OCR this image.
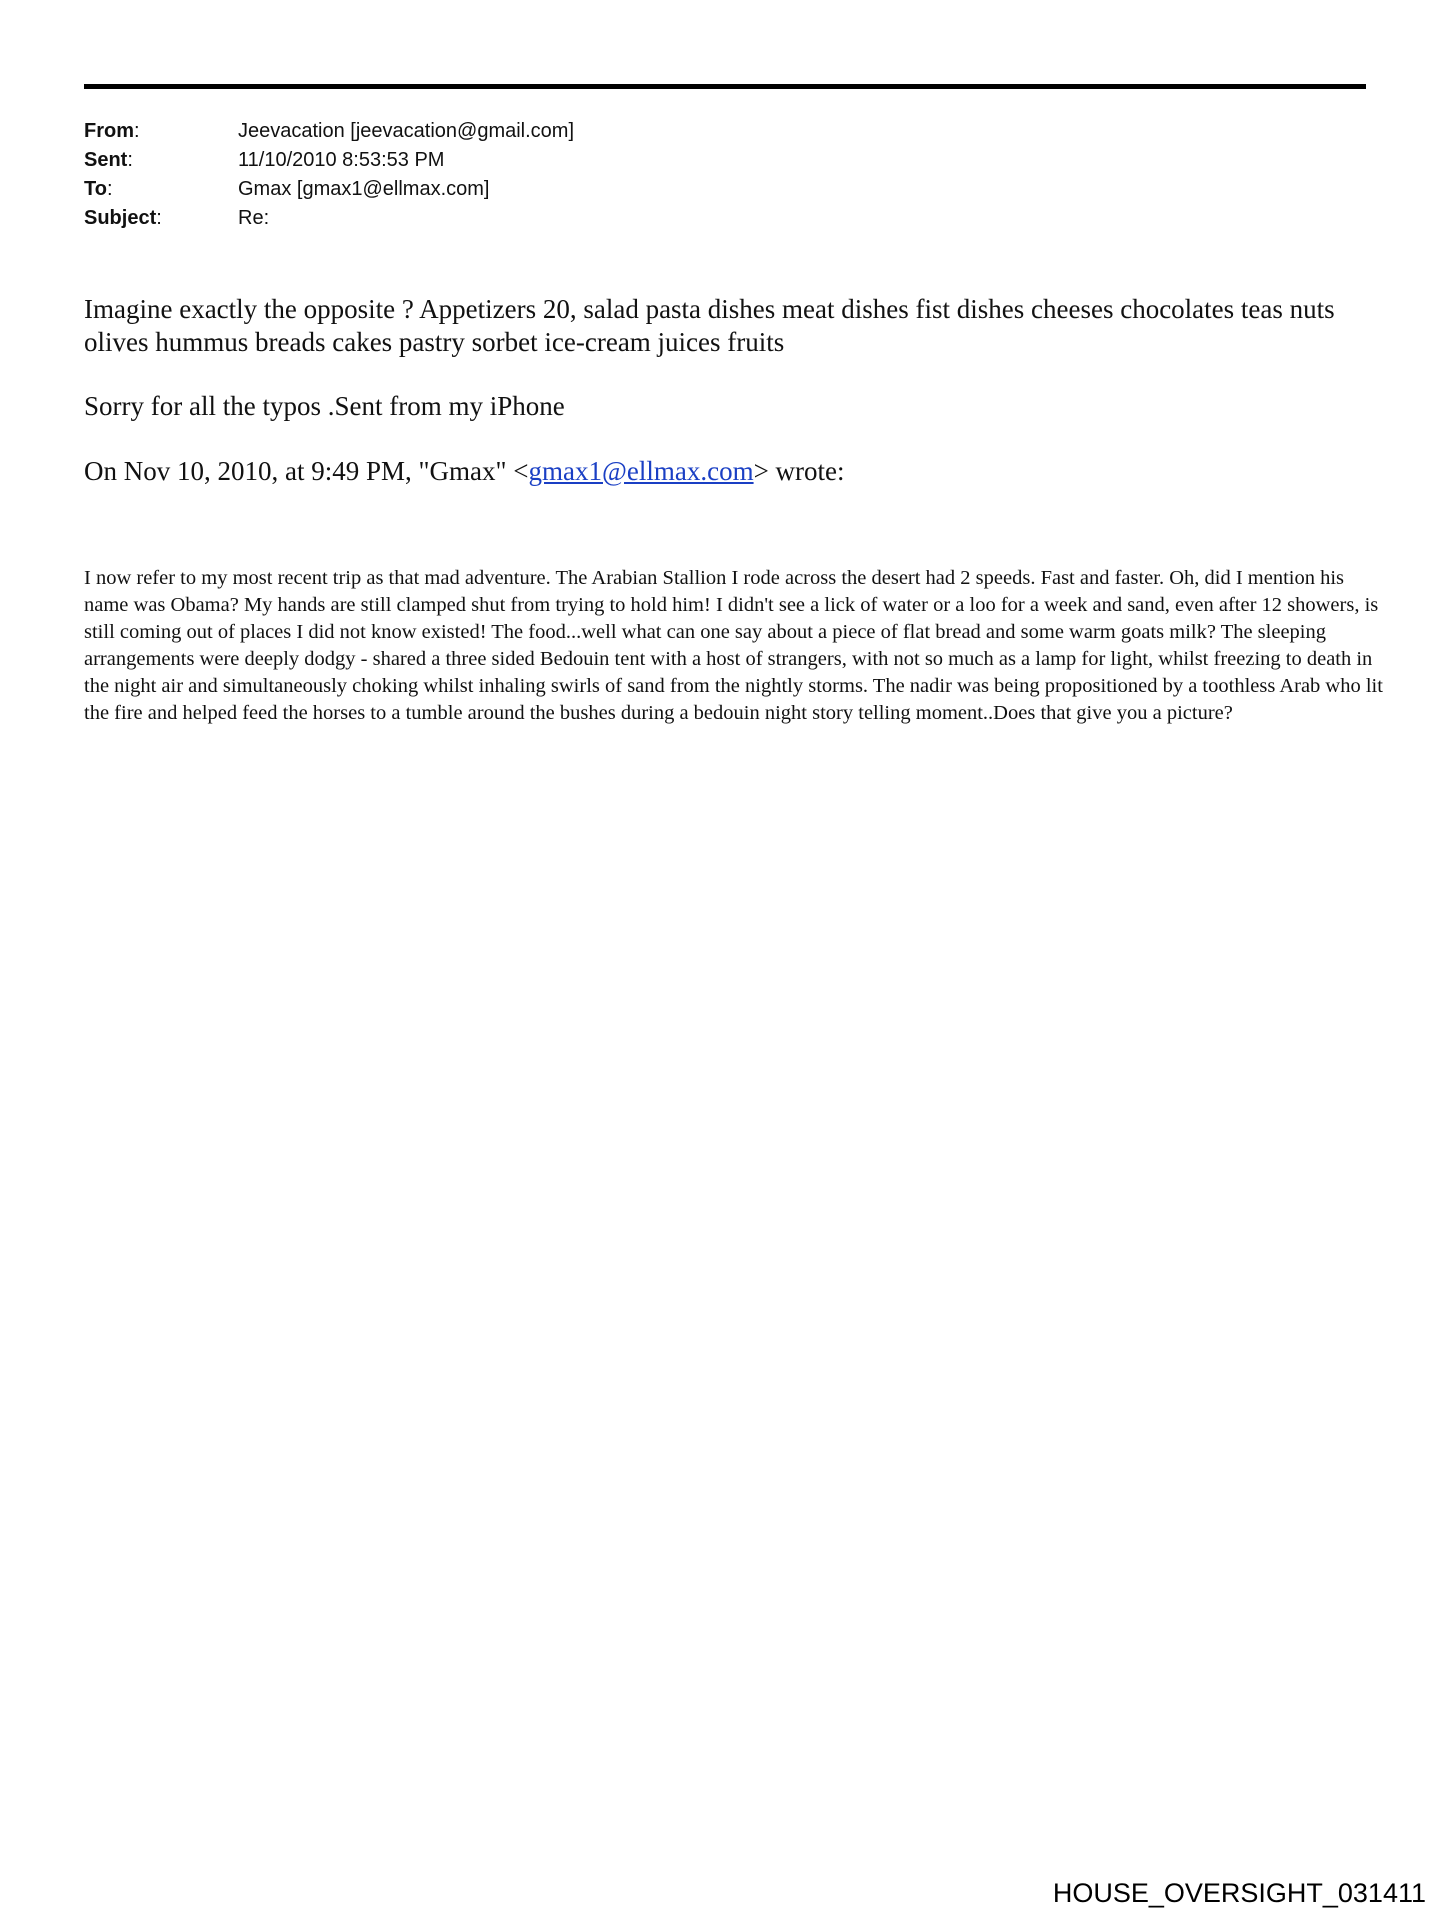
From:	Jeevacation [jeevacation@gmail.com]
Sent:	11/10/2010 8:53:53 PM
To:	Gmax [gmax1@ellmax.com]
Subject:	Re:

Imagine exactly the opposite ? Appetizers 20, salad pasta dishes meat dishes fist dishes cheeses chocolates teas nuts olives hummus breads cakes pastry sorbet ice-cream juices fruits

Sorry for all the typos .Sent from my iPhone

On Nov 10, 2010, at 9:49 PM, "Gmax" <gmax1@ellmax.com> wrote:

I now refer to my most recent trip as that mad adventure. The Arabian Stallion I rode across the desert had 2 speeds. Fast and faster. Oh, did I mention his name was Obama? My hands are still clamped shut from trying to hold him! I didn't see a lick of water or a loo for a week and sand, even after 12 showers, is still coming out of places I did not know existed! The food...well what can one say about a piece of flat bread and some warm goats milk? The sleeping arrangements were deeply dodgy - shared a three sided Bedouin tent with a host of strangers, with not so much as a lamp for light, whilst freezing to death in the night air and simultaneously choking whilst inhaling swirls of sand from the nightly storms. The nadir was being propositioned by a toothless Arab who lit the fire and helped feed the horses to a tumble around the bushes during a bedouin night story telling moment..Does that give you a picture?

HOUSE_OVERSIGHT_031411
